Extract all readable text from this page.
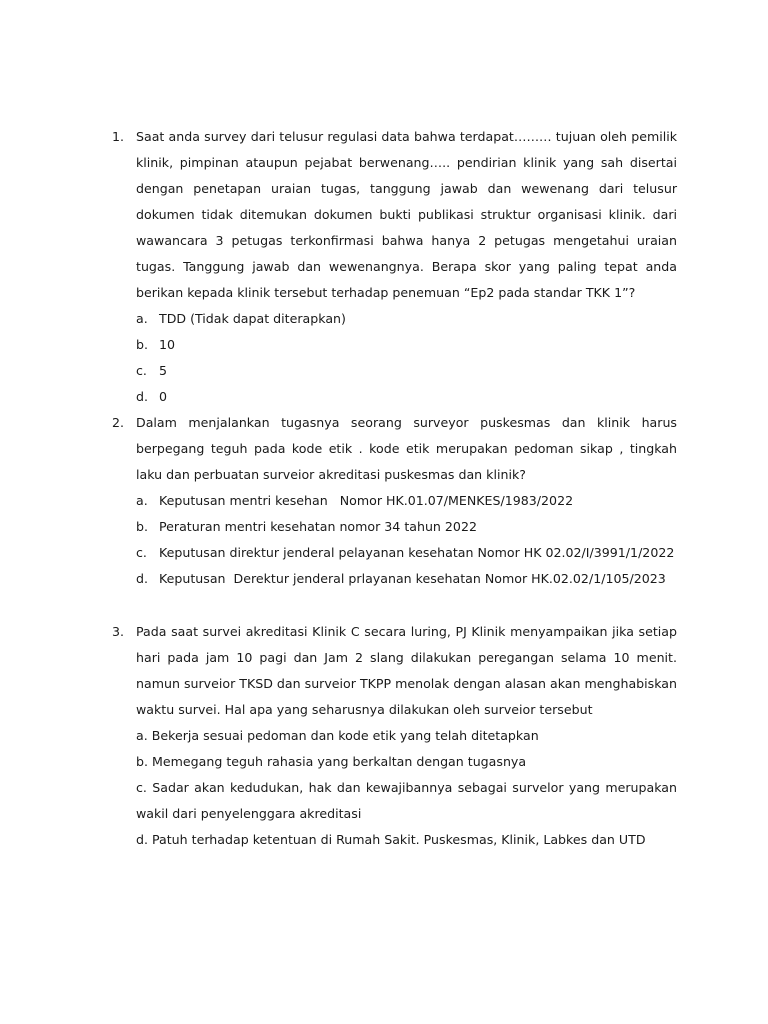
1. Saat anda survey dari telusur regulasi data bahwa terdapat……… tujuan oleh pemilik klinik, pimpinan ataupun pejabat berwenang….. pendirian klinik yang sah disertai dengan penetapan uraian tugas, tanggung jawab dan wewenang dari telusur dokumen tidak ditemukan dokumen bukti publikasi struktur organisasi klinik. dari wawancara 3 petugas terkonfirmasi bahwa hanya 2 petugas mengetahui uraian tugas. Tanggung jawab dan wewenangnya. Berapa skor yang paling tepat anda berikan kepada klinik tersebut terhadap penemuan “Ep2 pada standar TKK 1”?
a. TDD (Tidak dapat diterapkan)
b. 10
c. 5
d. 0
2. Dalam menjalankan tugasnya seorang surveyor puskesmas dan klinik harus berpegang teguh pada kode etik . kode etik merupakan pedoman sikap , tingkah laku dan perbuatan surveior akreditasi puskesmas dan klinik?
a. Keputusan mentri kesehan   Nomor HK.01.07/MENKES/1983/2022
b. Peraturan mentri kesehatan nomor 34 tahun 2022
c. Keputusan direktur jenderal pelayanan kesehatan Nomor HK 02.02/I/3991/1/2022
d. Keputusan  Derektur jenderal prlayanan kesehatan Nomor HK.02.02/1/105/2023
3. Pada saat survei akreditasi Klinik C secara luring, PJ Klinik menyampaikan jika setiap hari pada jam 10 pagi dan Jam 2 slang dilakukan peregangan selama 10 menit. namun surveior TKSD dan surveior TKPP menolak dengan alasan akan menghabiskan waktu survei. Hal apa yang seharusnya dilakukan oleh surveior tersebut
a. Bekerja sesuai pedoman dan kode etik yang telah ditetapkan
b. Memegang teguh rahasia yang berkaltan dengan tugasnya
c. Sadar akan kedudukan, hak dan kewajibannya sebagai survelor yang merupakan wakil dari penyelenggara akreditasi
d. Patuh terhadap ketentuan di Rumah Sakit. Puskesmas, Klinik, Labkes dan UTD
